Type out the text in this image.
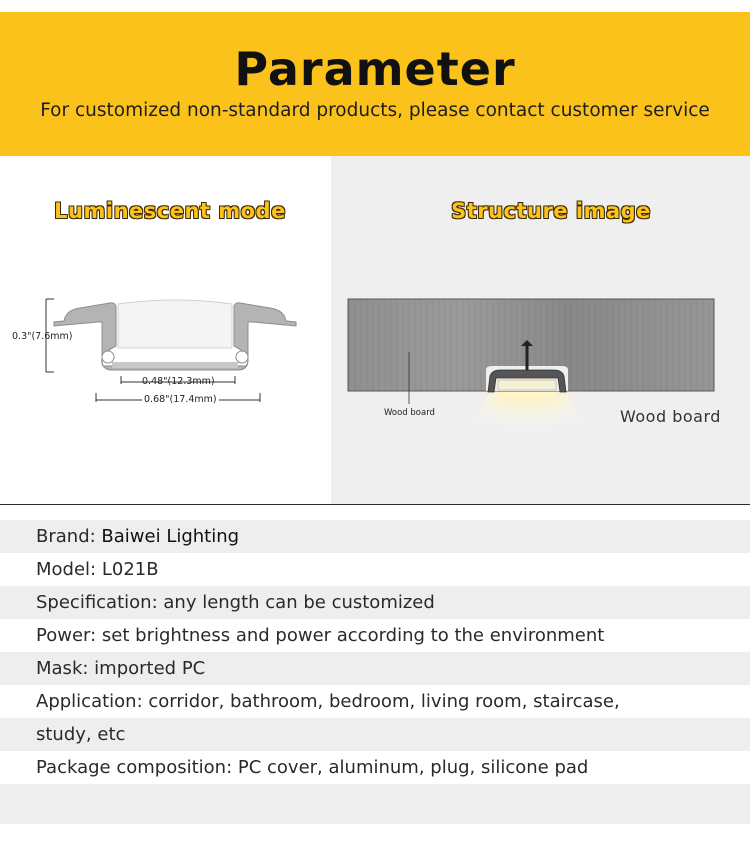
Parameter
For customized non-standard products, please contact customer service
Luminescent mode	Structure image
0.3"(7.6mm)
0.48"(12.3mm)
0.68"(17.4mm)
Wood board	Wood board
Brand: Baiwei Lighting
Model: L021B
Specification: any length can be customized
Power: set brightness and power according to the environment
Mask: imported PC
Application: corridor, bathroom, bedroom, living room, staircase,
study, etc
Package composition: PC cover, aluminum, plug, silicone pad
